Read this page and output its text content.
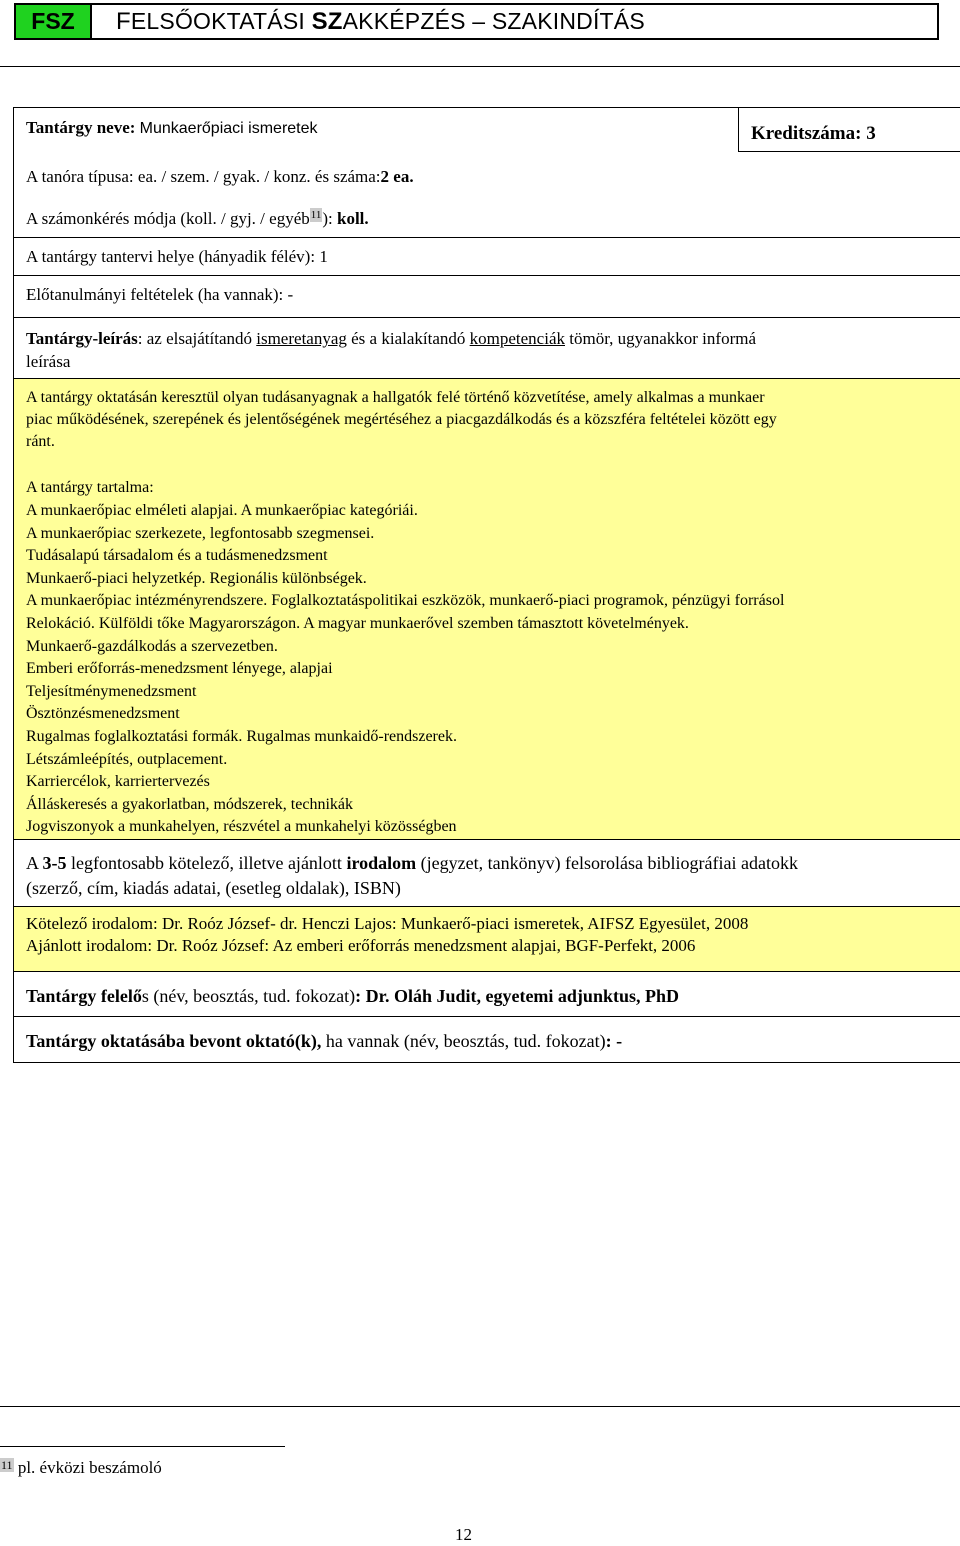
FSZ	FELSŐOKTATÁSI SZAKKÉPZÉS – SZAKINDÍTÁS
Tantárgy neve: Munkaerőpiaci ismeretek	Kreditszáma: 3
A tanóra típusa: ea. / szem. / gyak. / konz. és száma:2 ea.
A számonkérés módja (koll. / gyj. / egyéb11): koll.
A tantárgy tantervi helye (hányadik félév): 1
Előtanulmányi feltételek (ha vannak): -
Tantárgy-leírás: az elsajátítandó ismeretanyag és a kialakítandó kompetenciák tömör, ugyanakkor informá
leírása
A tantárgy oktatásán keresztül olyan tudásanyagnak a hallgatók felé történő közvetítése, amely alkalmas a munkaer
piac működésének, szerepének és jelentőségének megértéséhez a piacgazdálkodás és a közszféra feltételei között egy
ránt.
A tantárgy tartalma:
A munkaerőpiac elméleti alapjai. A munkaerőpiac kategóriái.
A munkaerőpiac szerkezete, legfontosabb szegmensei.
Tudásalapú társadalom és a tudásmenedzsment
Munkaerő-piaci helyzetkép. Regionális különbségek.
A munkaerőpiac intézményrendszere. Foglalkoztatáspolitikai eszközök, munkaerő-piaci programok, pénzügyi forrásol
Relokáció. Külföldi tőke Magyarországon. A magyar munkaerővel szemben támasztott követelmények.
Munkaerő-gazdálkodás a szervezetben.
Emberi erőforrás-menedzsment lényege, alapjai
Teljesítménymenedzsment
Ösztönzésmenedzsment
Rugalmas foglalkoztatási formák. Rugalmas munkaidő-rendszerek.
Létszámleépítés, outplacement.
Karriercélok, karriertervezés
Álláskeresés a gyakorlatban, módszerek, technikák
Jogviszonyok a munkahelyen, részvétel a munkahelyi közösségben
A 3-5 legfontosabb kötelező, illetve ajánlott irodalom (jegyzet, tankönyv) felsorolása bibliográfiai adatokk
(szerző, cím, kiadás adatai, (esetleg oldalak), ISBN)
Kötelező irodalom: Dr. Roóz József- dr. Henczi Lajos: Munkaerő-piaci ismeretek, AIFSZ Egyesület, 2008
Ajánlott irodalom: Dr. Roóz József: Az emberi erőforrás menedzsment alapjai, BGF-Perfekt, 2006
Tantárgy felelős (név, beosztás, tud. fokozat): Dr. Oláh Judit, egyetemi adjunktus, PhD
Tantárgy oktatásába bevont oktató(k), ha vannak (név, beosztás, tud. fokozat): -
11 pl. évközi beszámoló
12
